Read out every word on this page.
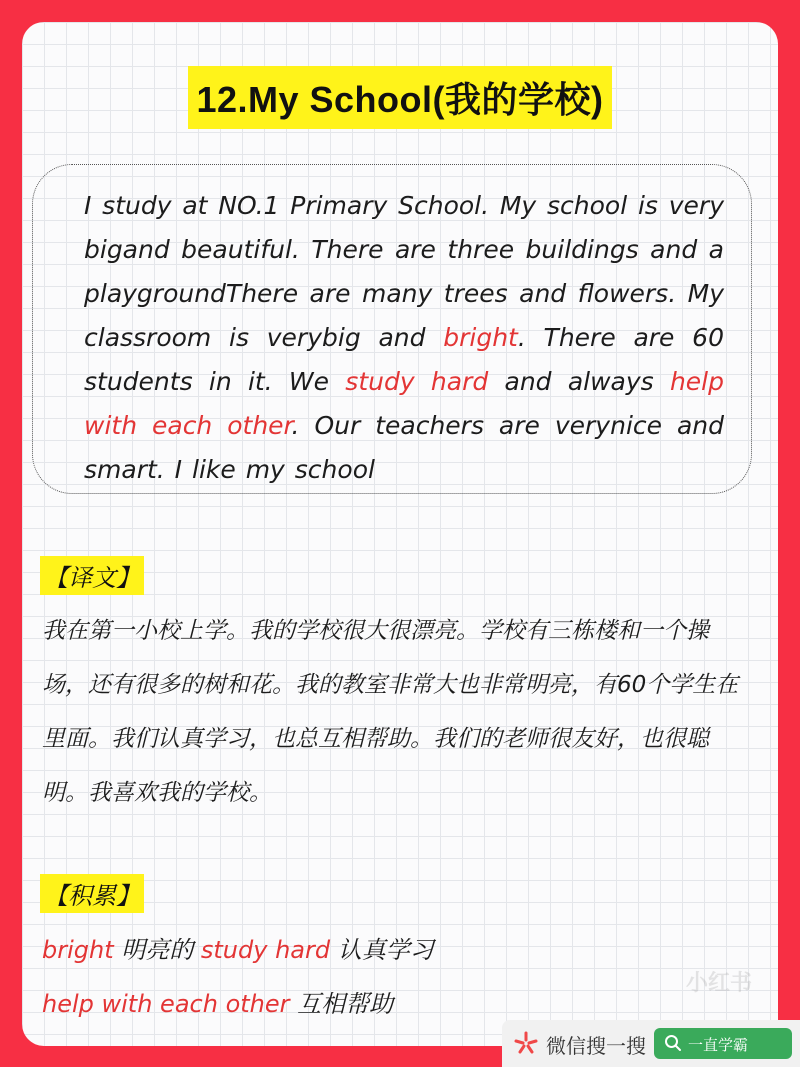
12.My School(我的学校)

I study at NO.1 Primary School. My school is very bigand beautiful. There are three buildings and a playgroundThere are many trees and flowers. My classroom is verybig and bright. There are 60 students in it. We study hard and always help with each other. Our teachers are verynice and smart. I like my school

【译文】

我在第一小校上学。我的学校很大很漂亮。学校有三栋楼和一个操场，还有很多的树和花。我的教室非常大也非常明亮，有60个学生在里面。我们认真学习，也总互相帮助。我们的老师很友好，也很聪明。我喜欢我的学校。

【积累】
bright 明亮的 study hard 认真学习
help with each other 互相帮助
小红书
微信搜一搜	一直学霸
